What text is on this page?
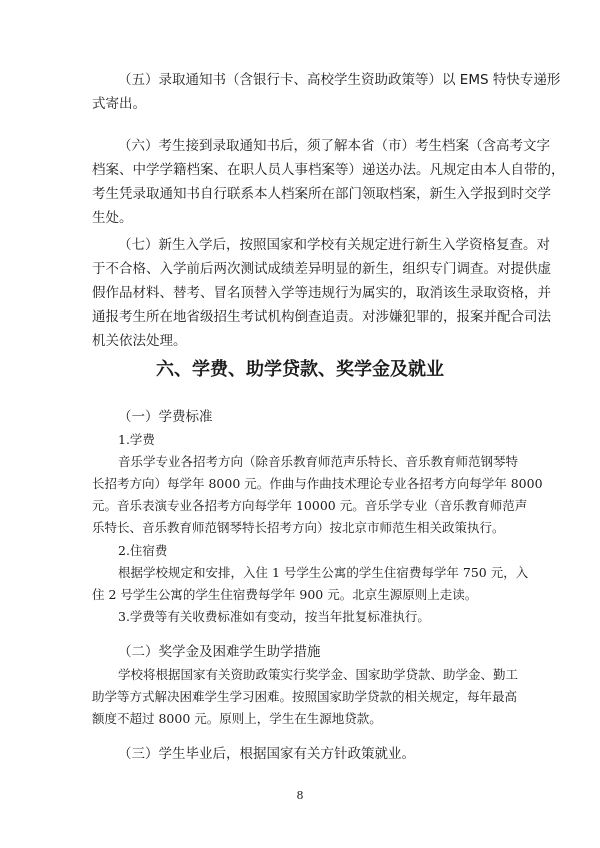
（五）录取通知书（含银行卡、高校学生资助政策等）以 EMS 特快专递形
式寄出。
（六）考生接到录取通知书后，须了解本省（市）考生档案（含高考文字
档案、中学学籍档案、在职人员人事档案等）递送办法。凡规定由本人自带的，
考生凭录取通知书自行联系本人档案所在部门领取档案，新生入学报到时交学
生处。
（七）新生入学后，按照国家和学校有关规定进行新生入学资格复查。对
于不合格、入学前后两次测试成绩差异明显的新生，组织专门调查。对提供虚
假作品材料、替考、冒名顶替入学等违规行为属实的，取消该生录取资格，并
通报考生所在地省级招生考试机构倒查追责。对涉嫌犯罪的，报案并配合司法
机关依法处理。
六、学费、助学贷款、奖学金及就业
（一）学费标准
1.学费
音乐学专业各招考方向（除音乐教育师范声乐特长、音乐教育师范钢琴特
长招考方向）每学年 8000 元。作曲与作曲技术理论专业各招考方向每学年 8000
元。音乐表演专业各招考方向每学年 10000 元。音乐学专业（音乐教育师范声
乐特长、音乐教育师范钢琴特长招考方向）按北京市师范生相关政策执行。
2.住宿费
根据学校规定和安排，入住 1 号学生公寓的学生住宿费每学年 750 元，入
住 2 号学生公寓的学生住宿费每学年 900 元。北京生源原则上走读。
3.学费等有关收费标准如有变动，按当年批复标准执行。
（二）奖学金及困难学生助学措施
学校将根据国家有关资助政策实行奖学金、国家助学贷款、助学金、勤工
助学等方式解决困难学生学习困难。按照国家助学贷款的相关规定，每年最高
额度不超过 8000 元。原则上，学生在生源地贷款。
（三）学生毕业后，根据国家有关方针政策就业。
8
